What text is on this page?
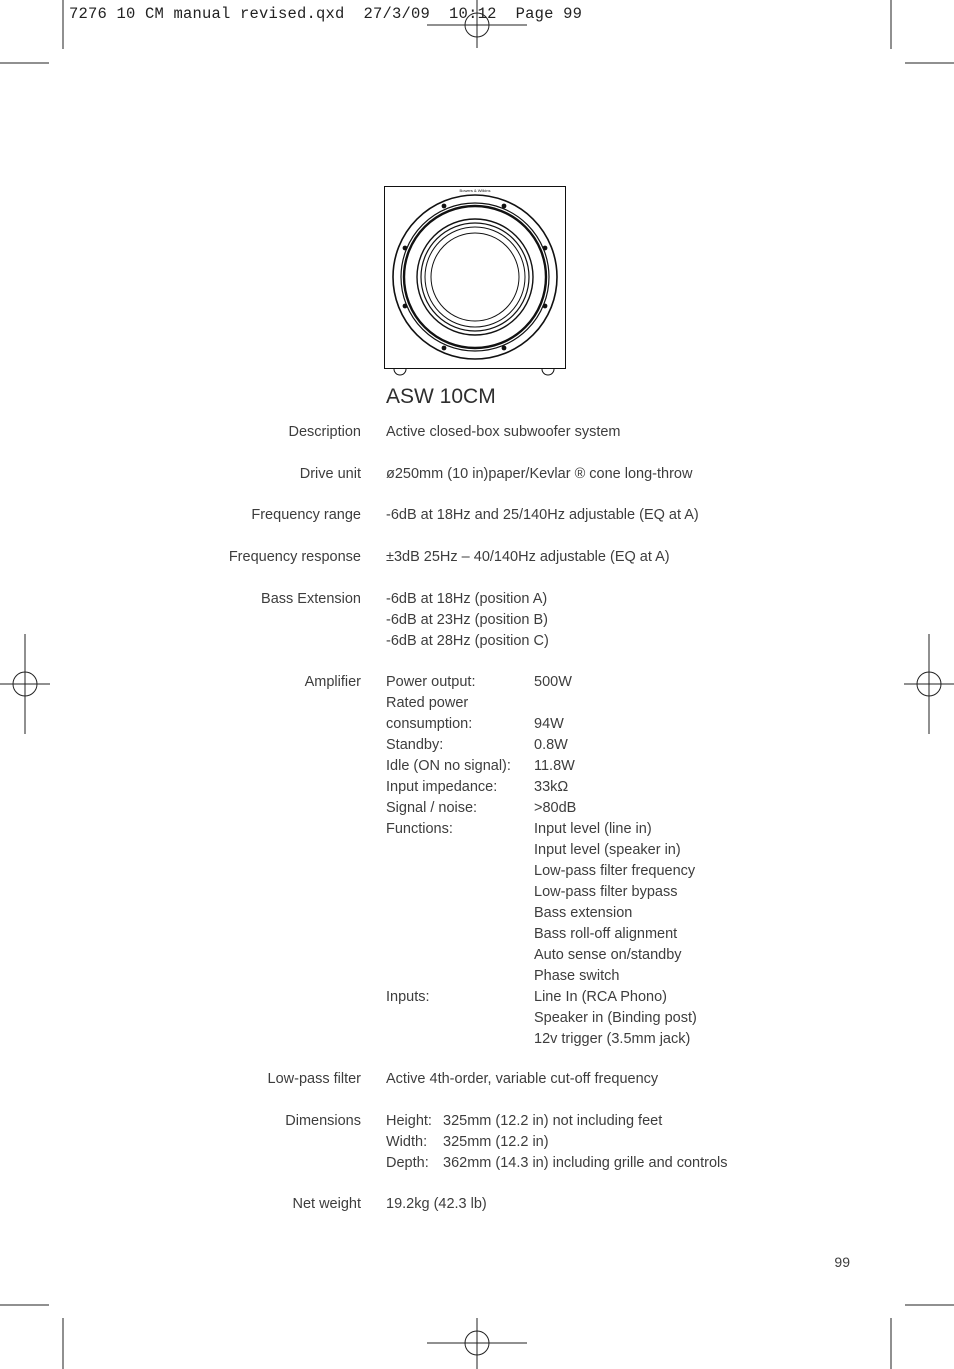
7276 10 CM manual revised.qxd  27/3/09  10:12  Page 99
Bowers & Wilkins
ASW 10CM
Description Active closed-box subwoofer system
Drive unit ø250mm (10 in)paper/Kevlar ® cone long-throw
Frequency range -6dB at 18Hz and 25/140Hz adjustable (EQ at A)
Frequency response ±3dB 25Hz – 40/140Hz adjustable (EQ at A)
Bass Extension -6dB at 18Hz (position A)
-6dB at 23Hz (position B)
-6dB at 28Hz (position C)
Amplifier Power output:
Rated power
consumption:
Standby:
Idle (ON no signal):
Input impedance:
Signal / noise:
Functions:
Inputs:
500W
94W
0.8W
11.8W
33kΩ
>80dB
Input level (line in)
Input level (speaker in)
Low-pass filter frequency
Low-pass filter bypass
Bass extension
Bass roll-off alignment
Auto sense on/standby
Phase switch
Line In (RCA Phono)
Speaker in (Binding post)
12v trigger (3.5mm jack)
Low-pass filter Active 4th-order, variable cut-off frequency
Dimensions Height:
Width:
Depth:
325mm (12.2 in) not including feet
325mm (12.2 in)
362mm (14.3 in) including grille and controls
Net weight 19.2kg (42.3 lb)
99
